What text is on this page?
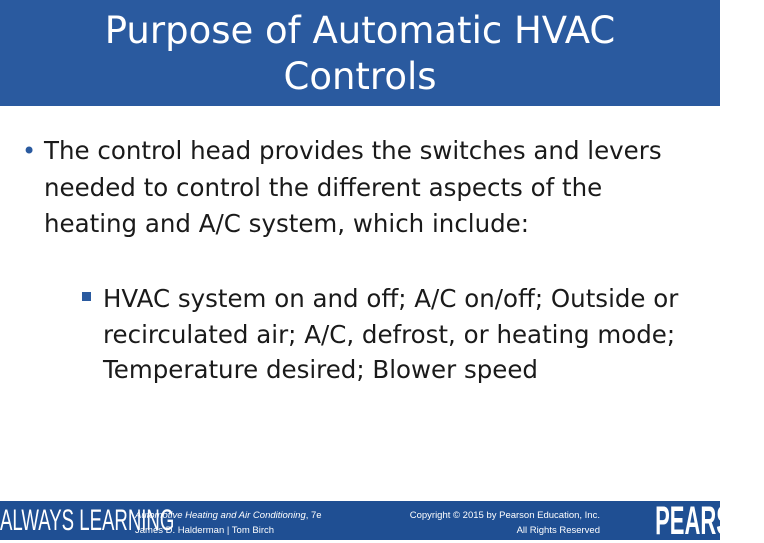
Purpose of Automatic HVAC Controls
• The control head provides the switches and levers needed to control the different aspects of the heating and A/C system, which include:
HVAC system on and off; A/C on/off; Outside or recirculated air; A/C, defrost, or heating mode; Temperature desired; Blower speed
ALWAYS LEARNING
Automotive Heating and Air Conditioning, 7e
James D. Halderman | Tom Birch
Copyright © 2015 by Pearson Education, Inc.
All Rights Reserved PEARSON
